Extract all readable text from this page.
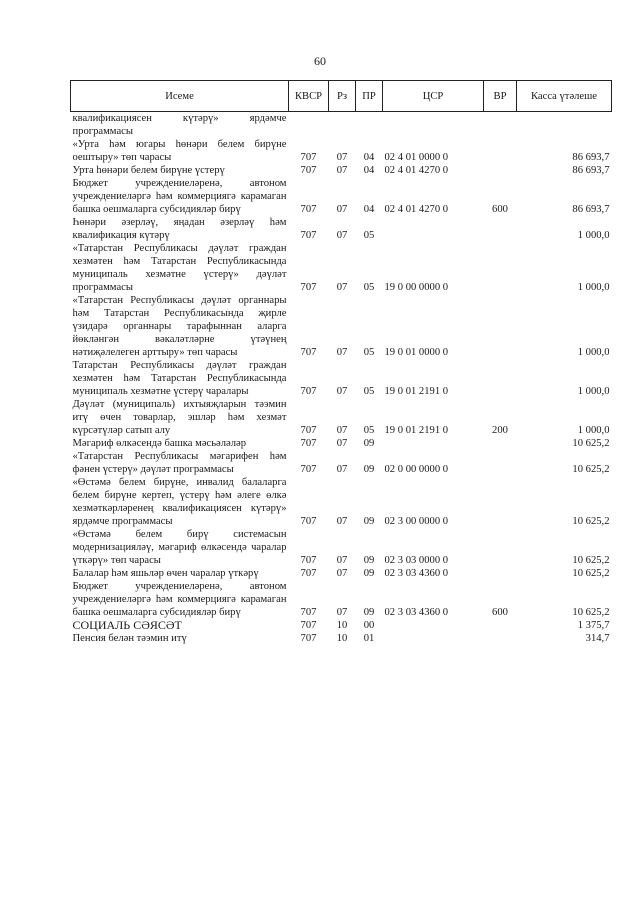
60
Исеме	КВСР	Рз	ПР	ЦСР	ВР	Касса үтәлеше
квалификациясен күтәрү» ярдәмче программасы						
«Урта һәм югары һөнәри белем бирүне оештыру» төп чарасы	707	07	04	02 4 01 0000 0		86 693,7
Урта һөнәри белем бирүне үстерү	707	07	04	02 4 01 4270 0		86 693,7
Бюджет учреждениеләренә, автоном учреждениеләргә һәм коммерциягә карамаган башка оешмаларга субсидияләр бирү	707	07	04	02 4 01 4270 0	600	86 693,7
Һөнәри әзерләү, яңадан әзерләү һәм квалификация күтәрү	707	07	05			1 000,0
«Татарстан Республикасы дәүләт граждан хезмәтен һәм Татарстан Республикасында муниципаль хезмәтне үстерү» дәүләт программасы	707	07	05	19 0 00 0000 0		1 000,0
«Татарстан Республикасы дәүләт органнары һәм Татарстан Республикасында җирле үзидарә органнары тарафыннан аларга йөкләнгән вәкаләтләрне үтәүнең нәтиҗәлелеген арттыру» төп чарасы	707	07	05	19 0 01 0000 0		1 000,0
Татарстан Республикасы дәүләт граждан хезмәтен һәм Татарстан Республикасында муниципаль хезмәтне үстерү чаралары	707	07	05	19 0 01 2191 0		1 000,0
Дәүләт (муниципаль) ихтыяҗларын тәэмин итү өчен товарлар, эшләр һәм хезмәт күрсәтүләр сатып алу	707	07	05	19 0 01 2191 0	200	1 000,0
Мәгариф өлкәсендә башка мәсьәләләр	707	07	09			10 625,2
«Татарстан Республикасы мәгарифен һәм фәнен үстерү» дәүләт программасы	707	07	09	02 0 00 0000 0		10 625,2
«Өстәмә белем бирүне, инвалид балаларга белем бирүне кертеп, үстерү һәм әлеге өлкә хезмәткәрләренең квалификациясен күтәрү» ярдәмче программасы	707	07	09	02 3 00 0000 0		10 625,2
«Өстәмә белем бирү системасын модернизацияләү, мәгариф өлкәсендә чаралар үткәрү» төп чарасы	707	07	09	02 3 03 0000 0		10 625,2
Балалар һәм яшьләр өчен чаралар үткәрү	707	07	09	02 3 03 4360 0		10 625,2
Бюджет учреждениеләренә, автоном учреждениеләргә һәм коммерциягә карамаган башка оешмаларга субсидияләр бирү	707	07	09	02 3 03 4360 0	600	10 625,2
СОЦИАЛЬ СӘЯСӘТ	707	10	00			1 375,7
Пенсия белән тәэмин итү	707	10	01			314,7
